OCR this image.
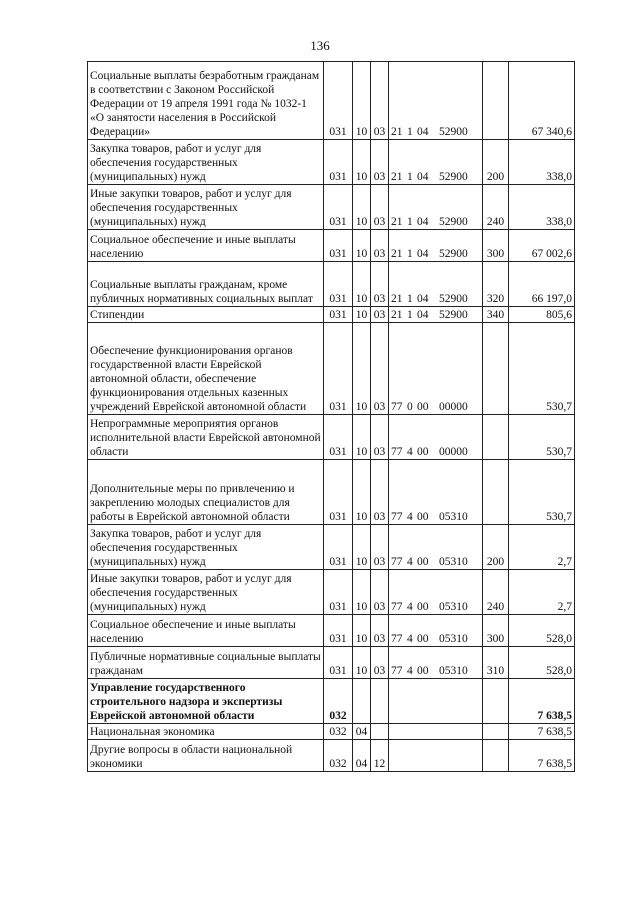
136
Социальные выплаты безработным гражданам в соответствии с Законом Российской Федерации от 19 апреля 1991 года № 1032-1 «О занятости населения в Российской Федерации»	031	10	03	21 1 04 52900		67 340,6

Закупка товаров, работ и услуг для обеспечения государственных (муниципальных) нужд	031	10	03	21 1 04 52900	200	338,0

Иные закупки товаров, работ и услуг для обеспечения государственных (муниципальных) нужд	031	10	03	21 1 04 52900	240	338,0

Социальное обеспечение и иные выплаты населению	031	10	03	21 1 04 52900	300	67 002,6

Социальные выплаты гражданам, кроме публичных нормативных социальных выплат	031	10	03	21 1 04 52900	320	66 197,0

Стипендии	031	10	03	21 1 04 52900	340	805,6

Обеспечение функционирования органов государственной власти Еврейской автономной области, обеспечение функционирования отдельных казенных учреждений Еврейской автономной области	031	10	03	77 0 00 00000		530,7

Непрограммные мероприятия органов исполнительной власти Еврейской автономной области	031	10	03	77 4 00 00000		530,7

Дополнительные меры по привлечению и закреплению молодых специалистов для работы в Еврейской автономной области	031	10	03	77 4 00 05310		530,7

Закупка товаров, работ и услуг для обеспечения государственных (муниципальных) нужд	031	10	03	77 4 00 05310	200	2,7

Иные закупки товаров, работ и услуг для обеспечения государственных (муниципальных) нужд	031	10	03	77 4 00 05310	240	2,7

Социальное обеспечение и иные выплаты населению	031	10	03	77 4 00 05310	300	528,0

Публичные нормативные социальные выплаты гражданам	031	10	03	77 4 00 05310	310	528,0

Управление государственного строительного надзора и экспертизы Еврейской автономной области	032					7 638,5

Национальная экономика	032	04				7 638,5

Другие вопросы в области национальной экономики	032	04	12			7 638,5
